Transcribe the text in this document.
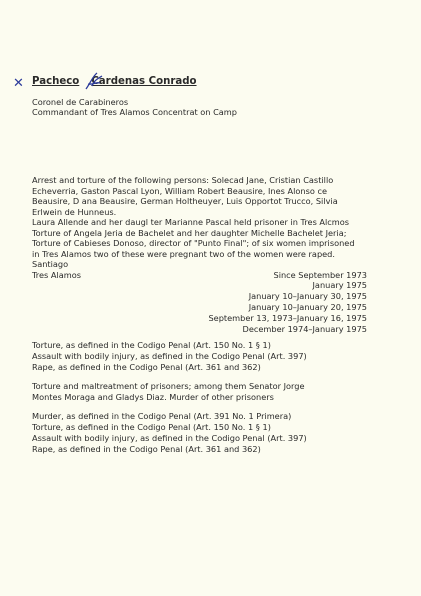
✕ Pacheco Cardenas Conrado
Coronel de Carabineros
Commandant of Tres Alamos Concentrat on Camp
Arrest and torture of the following persons: Solecad Jane, Cristian Castillo
Echeverria, Gaston Pascal Lyon, William Robert Beausire, Ines Alonso ce
Beausire, D ana Beausire, German Holtheuyer, Luis Opportot Trucco, Silvia
Erlwein de Hunneus.
Laura Allende and her daugl ter Marianne Pascal held prisoner in Tres Alcmos
Torture of Angela Jeria de Bachelet and her daughter Michelle Bachelet Jeria;
Torture of Cabieses Donoso, director of "Punto Final"; of six women imprisoned
in Tres Alamos two of these were pregnant two of the women were raped.
Santiago
Tres Alamos	Since September 1973
January 1975
January 10–January 30, 1975
January 10–January 20, 1975
September 13, 1973–January 16, 1975
December 1974–January 1975
Torture, as defined in the Codigo Penal (Art. 150 No. 1 § 1)
Assault with bodily injury, as defined in the Codigo Penal (Art. 397)
Rape, as defined in the Codigo Penal (Art. 361 and 362)
Torture and maltreatment of prisoners; among them Senator Jorge
Montes Moraga and Gladys Diaz. Murder of other prisoners
Murder, as defined in the Codigo Penal (Art. 391 No. 1 Primera)
Torture, as defined in the Codigo Penal (Art. 150 No. 1 § 1)
Assault with bodily injury, as defined in the Codigo Penal (Art. 397)
Rape, as defined in the Codigo Penal (Art. 361 and 362)
